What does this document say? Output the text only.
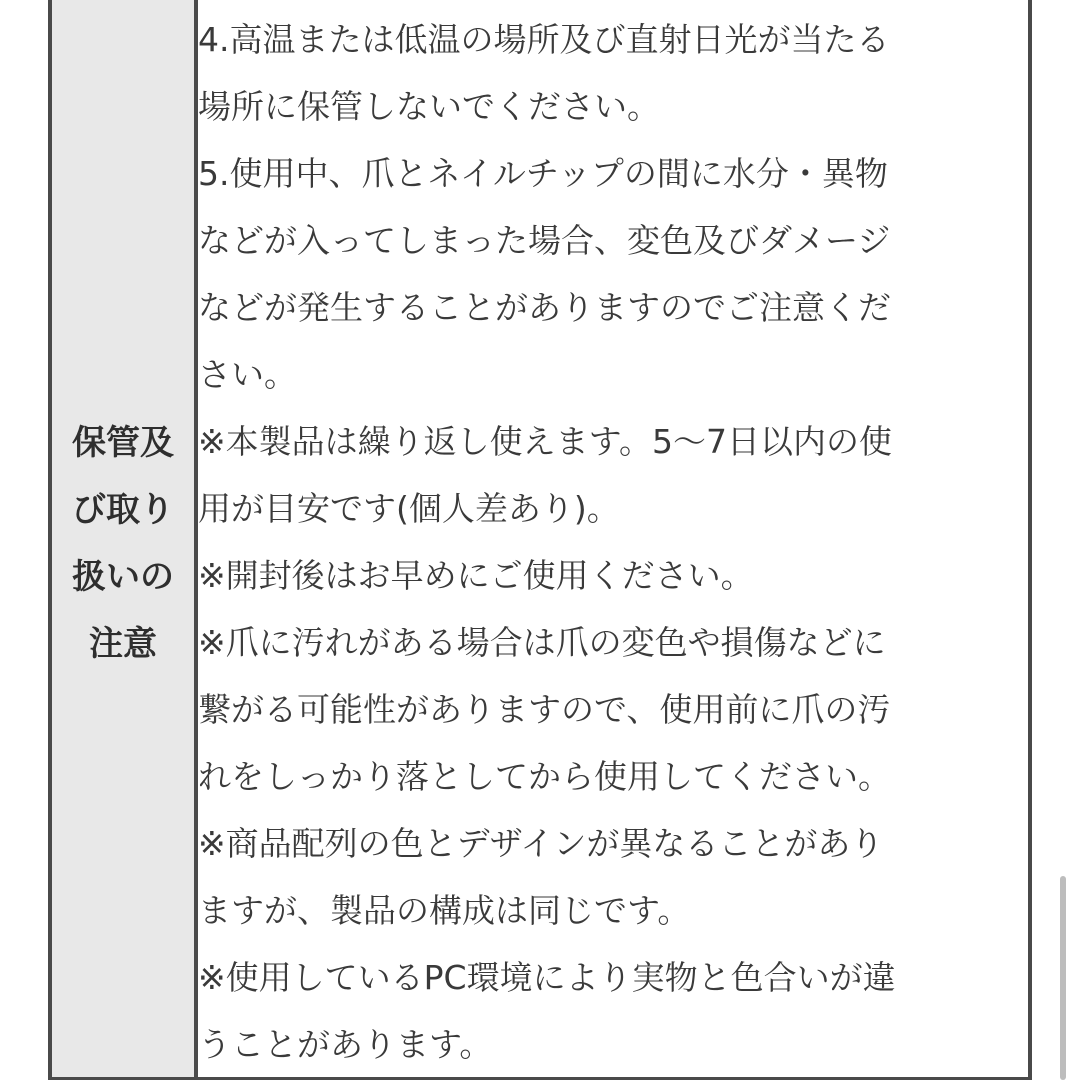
保管及
び取り
扱いの
注意
4.高温または低温の場所及び直射日光が当たる
場所に保管しないでください。
5.使用中、爪とネイルチップの間に水分・異物
などが入ってしまった場合、変色及びダメージ
などが発生することがありますのでご注意くだ
さい。
※本製品は繰り返し使えます。5〜7日以内の使
用が目安です(個人差あり)。
※開封後はお早めにご使用ください。
※爪に汚れがある場合は爪の変色や損傷などに
繋がる可能性がありますので、使用前に爪の汚
れをしっかり落としてから使用してください。
※商品配列の色とデザインが異なることがあり
ますが、製品の構成は同じです。
※使用しているPC環境により実物と色合いが違
うことがあります。
